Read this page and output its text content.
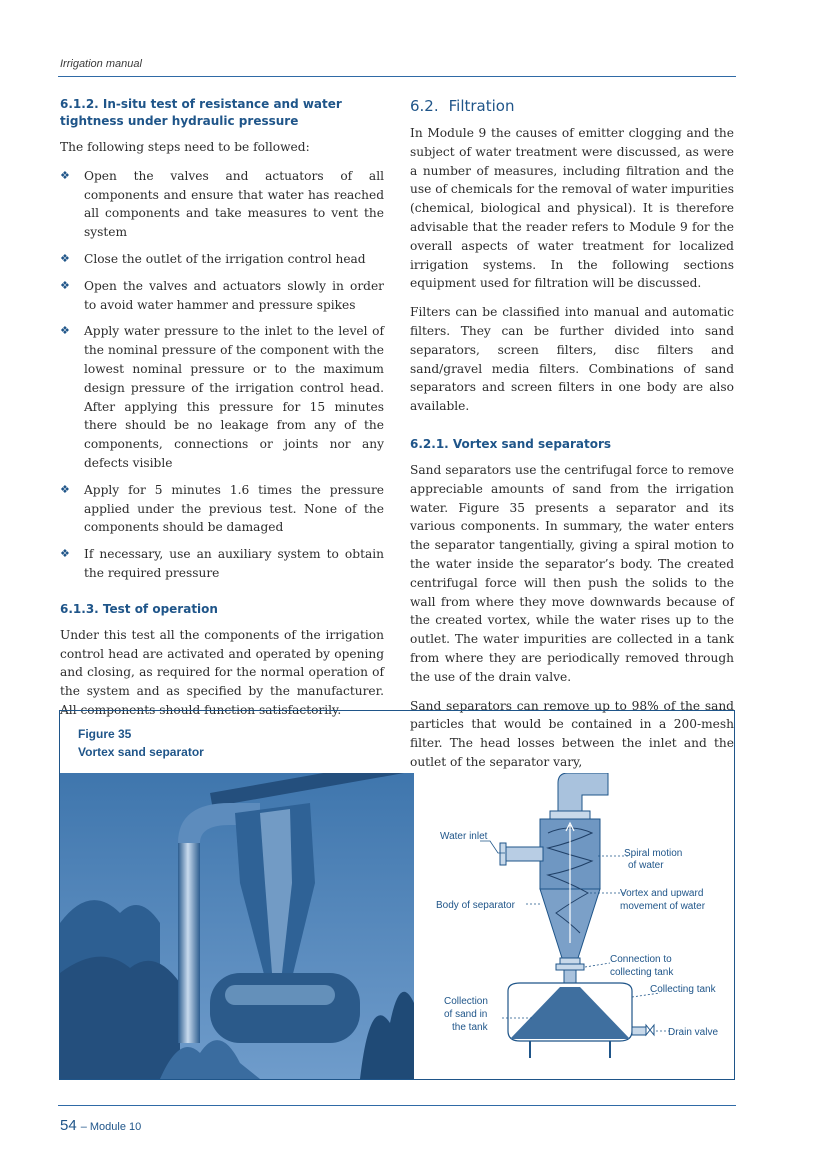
Irrigation manual
6.1.2. In-situ test of resistance and water tightness under hydraulic pressure

The following steps need to be followed:

❖ Open the valves and actuators of all components and ensure that water has reached all components and take measures to vent the system
❖ Close the outlet of the irrigation control head
❖ Open the valves and actuators slowly in order to avoid water hammer and pressure spikes
❖ Apply water pressure to the inlet to the level of the nominal pressure of the component with the lowest nominal pressure or to the maximum design pressure of the irrigation control head. After applying this pressure for 15 minutes there should be no leakage from any of the components, connections or joints nor any defects visible
❖ Apply for 5 minutes 1.6 times the pressure applied under the previous test. None of the components should be damaged
❖ If necessary, use an auxiliary system to obtain the required pressure
6.1.3. Test of operation

Under this test all the components of the irrigation control head are activated and operated by opening and closing, as required for the normal operation of the system and as specified by the manufacturer. All components should function satisfactorily.

6.2. Filtration

In Module 9 the causes of emitter clogging and the subject of water treatment were discussed, as were a number of measures, including filtration and the use of chemicals for the removal of water impurities (chemical, biological and physical). It is therefore advisable that the reader refers to Module 9 for the overall aspects of water treatment for localized irrigation systems. In the following sections equipment used for filtration will be discussed.

Filters can be classified into manual and automatic filters. They can be further divided into sand separators, screen filters, disc filters and sand/gravel media filters. Combinations of sand separators and screen filters in one body are also available.

6.2.1. Vortex sand separators

Sand separators use the centrifugal force to remove appreciable amounts of sand from the irrigation water. Figure 35 presents a separator and its various components. In summary, the water enters the separator tangentially, giving a spiral motion to the water inside the separator’s body. The created centrifugal force will then push the solids to the wall from where they move downwards because of the created vortex, while the water rises up to the outlet. The water impurities are collected in a tank from where they are periodically removed through the use of the drain valve.

Sand separators can remove up to 98% of the sand particles that would be contained in a 200-mesh filter. The head losses between the inlet and the outlet of the separator vary,

Figure 35
Vortex sand separator
Water inlet
Body of separator
Spiral motion
of water
Vortex and upward
movement of water
Connection to
collecting tank
Collecting tank
Collection
of sand in
the tank	Drain valve
54 – Module 10
